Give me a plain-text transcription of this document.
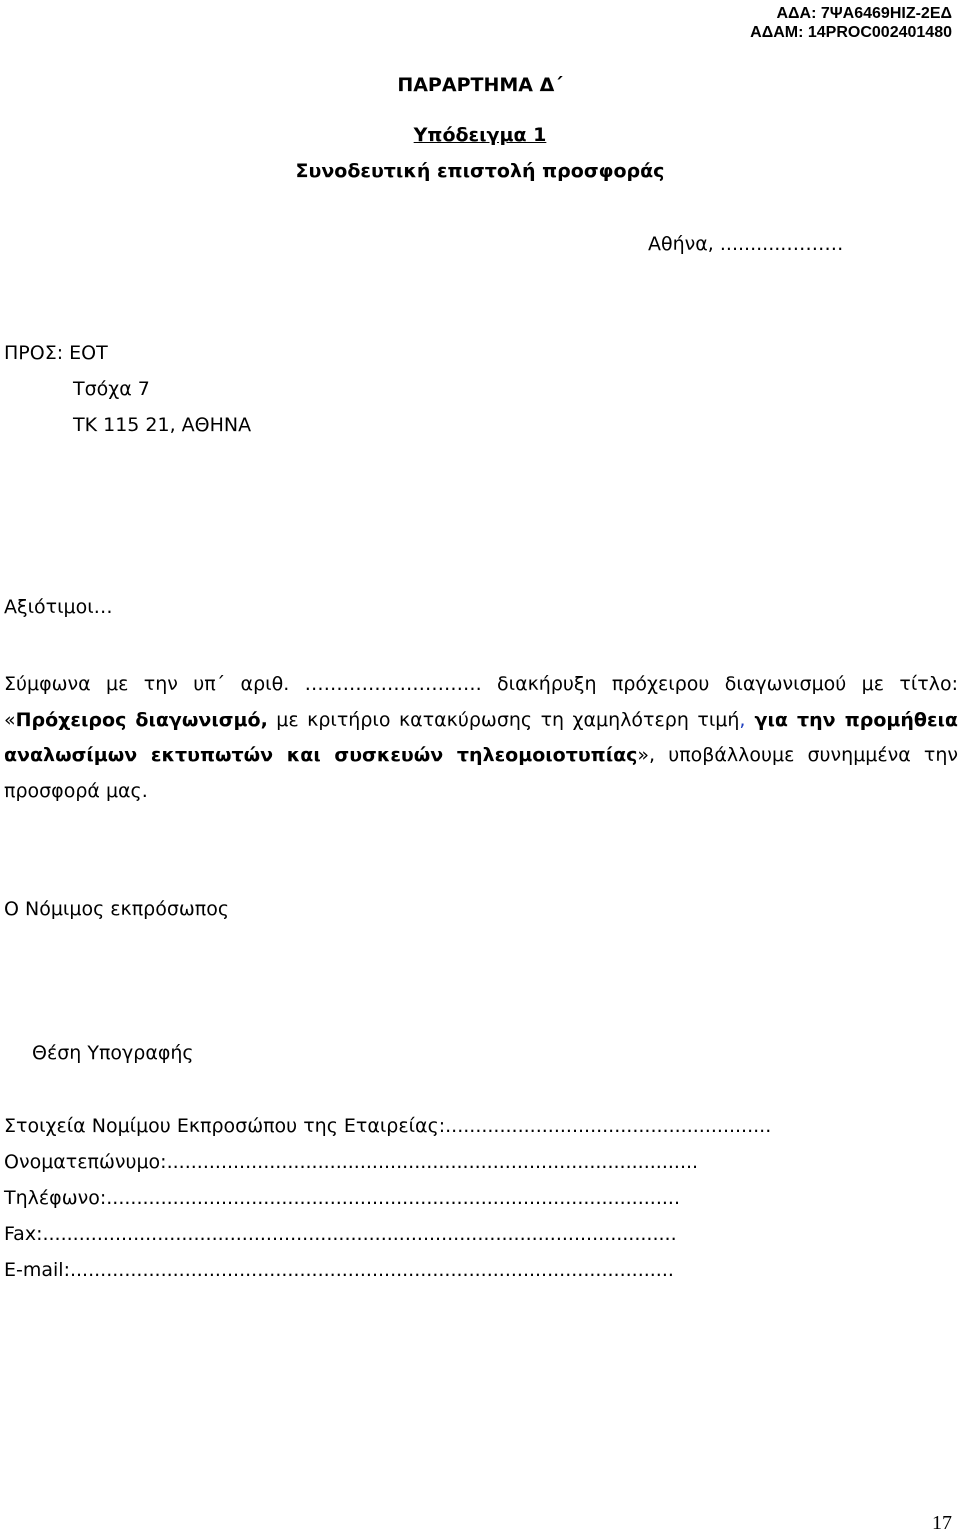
ΑΔΑ: 7ΨΑ6469ΗΙΖ-2ΕΔ
ΑΔΑΜ: 14PROC002401480
ΠΑΡΑΡΤΗΜΑ Δ΄
Υπόδειγμα 1
Συνοδευτική επιστολή προσφοράς
Αθήνα, ...........………
ΠΡΟΣ: ΕΟΤ
Τσόχα 7
ΤΚ 115 21, ΑΘΗΝΑ
Αξιότιμοι…
Σύμφωνα με την υπ΄ αριθ. ………………………. διακήρυξη πρόχειρου διαγωνισμού με τίτλο: «Πρόχειρος διαγωνισμό, με κριτήριο κατακύρωσης τη χαμηλότερη τιμή, για την προμήθεια αναλωσίμων εκτυπωτών και συσκευών τηλεομοιοτυπίας», υποβάλλουμε συνημμένα την προσφορά μας.
Ο Νόμιμος εκπρόσωπος
Θέση Υπογραφής
Στοιχεία Νομίμου Εκπροσώπου της Εταιρείας:......................................................
Ονοματεπώνυμο:........................................................................................
Τηλέφωνο:...............................................................................................
Fax:.........................................................................................................
E-mail:....................................................................................................
17
